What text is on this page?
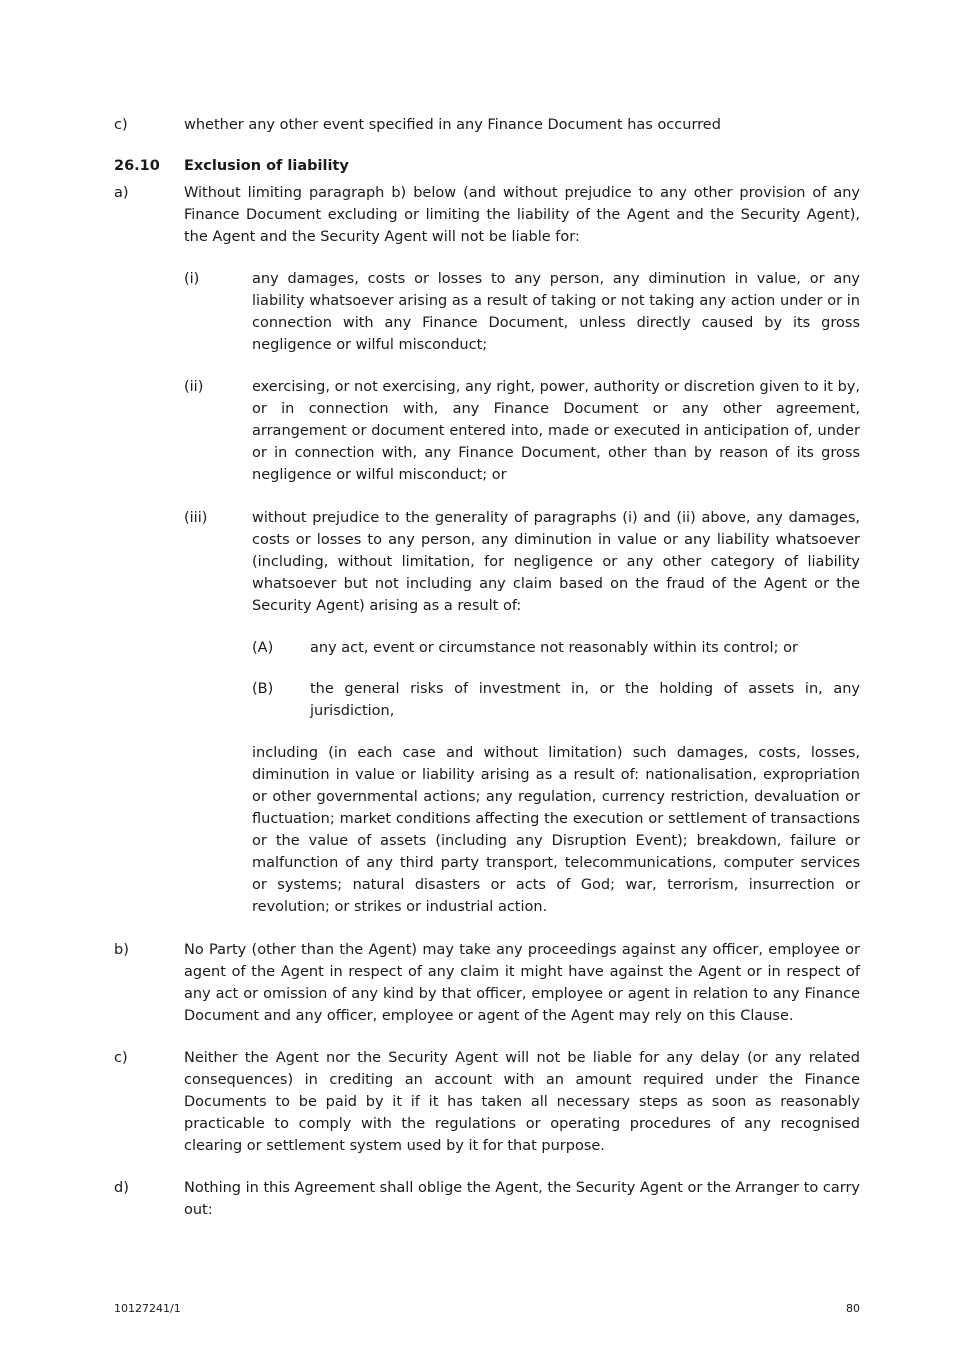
c)	whether any other event specified in any Finance Document has occurred
26.10 Exclusion of liability
a)	Without limiting paragraph b) below (and without prejudice to any other provision of any Finance Document excluding or limiting the liability of the Agent and the Security Agent), the Agent and the Security Agent will not be liable for:
(i)	any damages, costs or losses to any person, any diminution in value, or any liability whatsoever arising as a result of taking or not taking any action under or in connection with any Finance Document, unless directly caused by its gross negligence or wilful misconduct;
(ii)	exercising, or not exercising, any right, power, authority or discretion given to it by, or in connection with, any Finance Document or any other agreement, arrangement or document entered into, made or executed in anticipation of, under or in connection with, any Finance Document, other than by reason of its gross negligence or wilful misconduct; or
(iii)	without prejudice to the generality of paragraphs (i) and (ii) above, any damages, costs or losses to any person, any diminution in value or any liability whatsoever (including, without limitation, for negligence or any other category of liability whatsoever but not including any claim based on the fraud of the Agent or the Security Agent) arising as a result of:
(A)	any act, event or circumstance not reasonably within its control; or
(B)	the general risks of investment in, or the holding of assets in, any jurisdiction,
including (in each case and without limitation) such damages, costs, losses, diminution in value or liability arising as a result of: nationalisation, expropriation or other governmental actions; any regulation, currency restriction, devaluation or fluctuation; market conditions affecting the execution or settlement of transactions or the value of assets (including any Disruption Event); breakdown, failure or malfunction of any third party transport, telecommunications, computer services or systems; natural disasters or acts of God; war, terrorism, insurrection or revolution; or strikes or industrial action.
b)	No Party (other than the Agent) may take any proceedings against any officer, employee or agent of the Agent in respect of any claim it might have against the Agent or in respect of any act or omission of any kind by that officer, employee or agent in relation to any Finance Document and any officer, employee or agent of the Agent may rely on this Clause.
c)	Neither the Agent nor the Security Agent will not be liable for any delay (or any related consequences) in crediting an account with an amount required under the Finance Documents to be paid by it if it has taken all necessary steps as soon as reasonably practicable to comply with the regulations or operating procedures of any recognised clearing or settlement system used by it for that purpose.
d)	Nothing in this Agreement shall oblige the Agent, the Security Agent or the Arranger to carry out:
10127241/1	80
